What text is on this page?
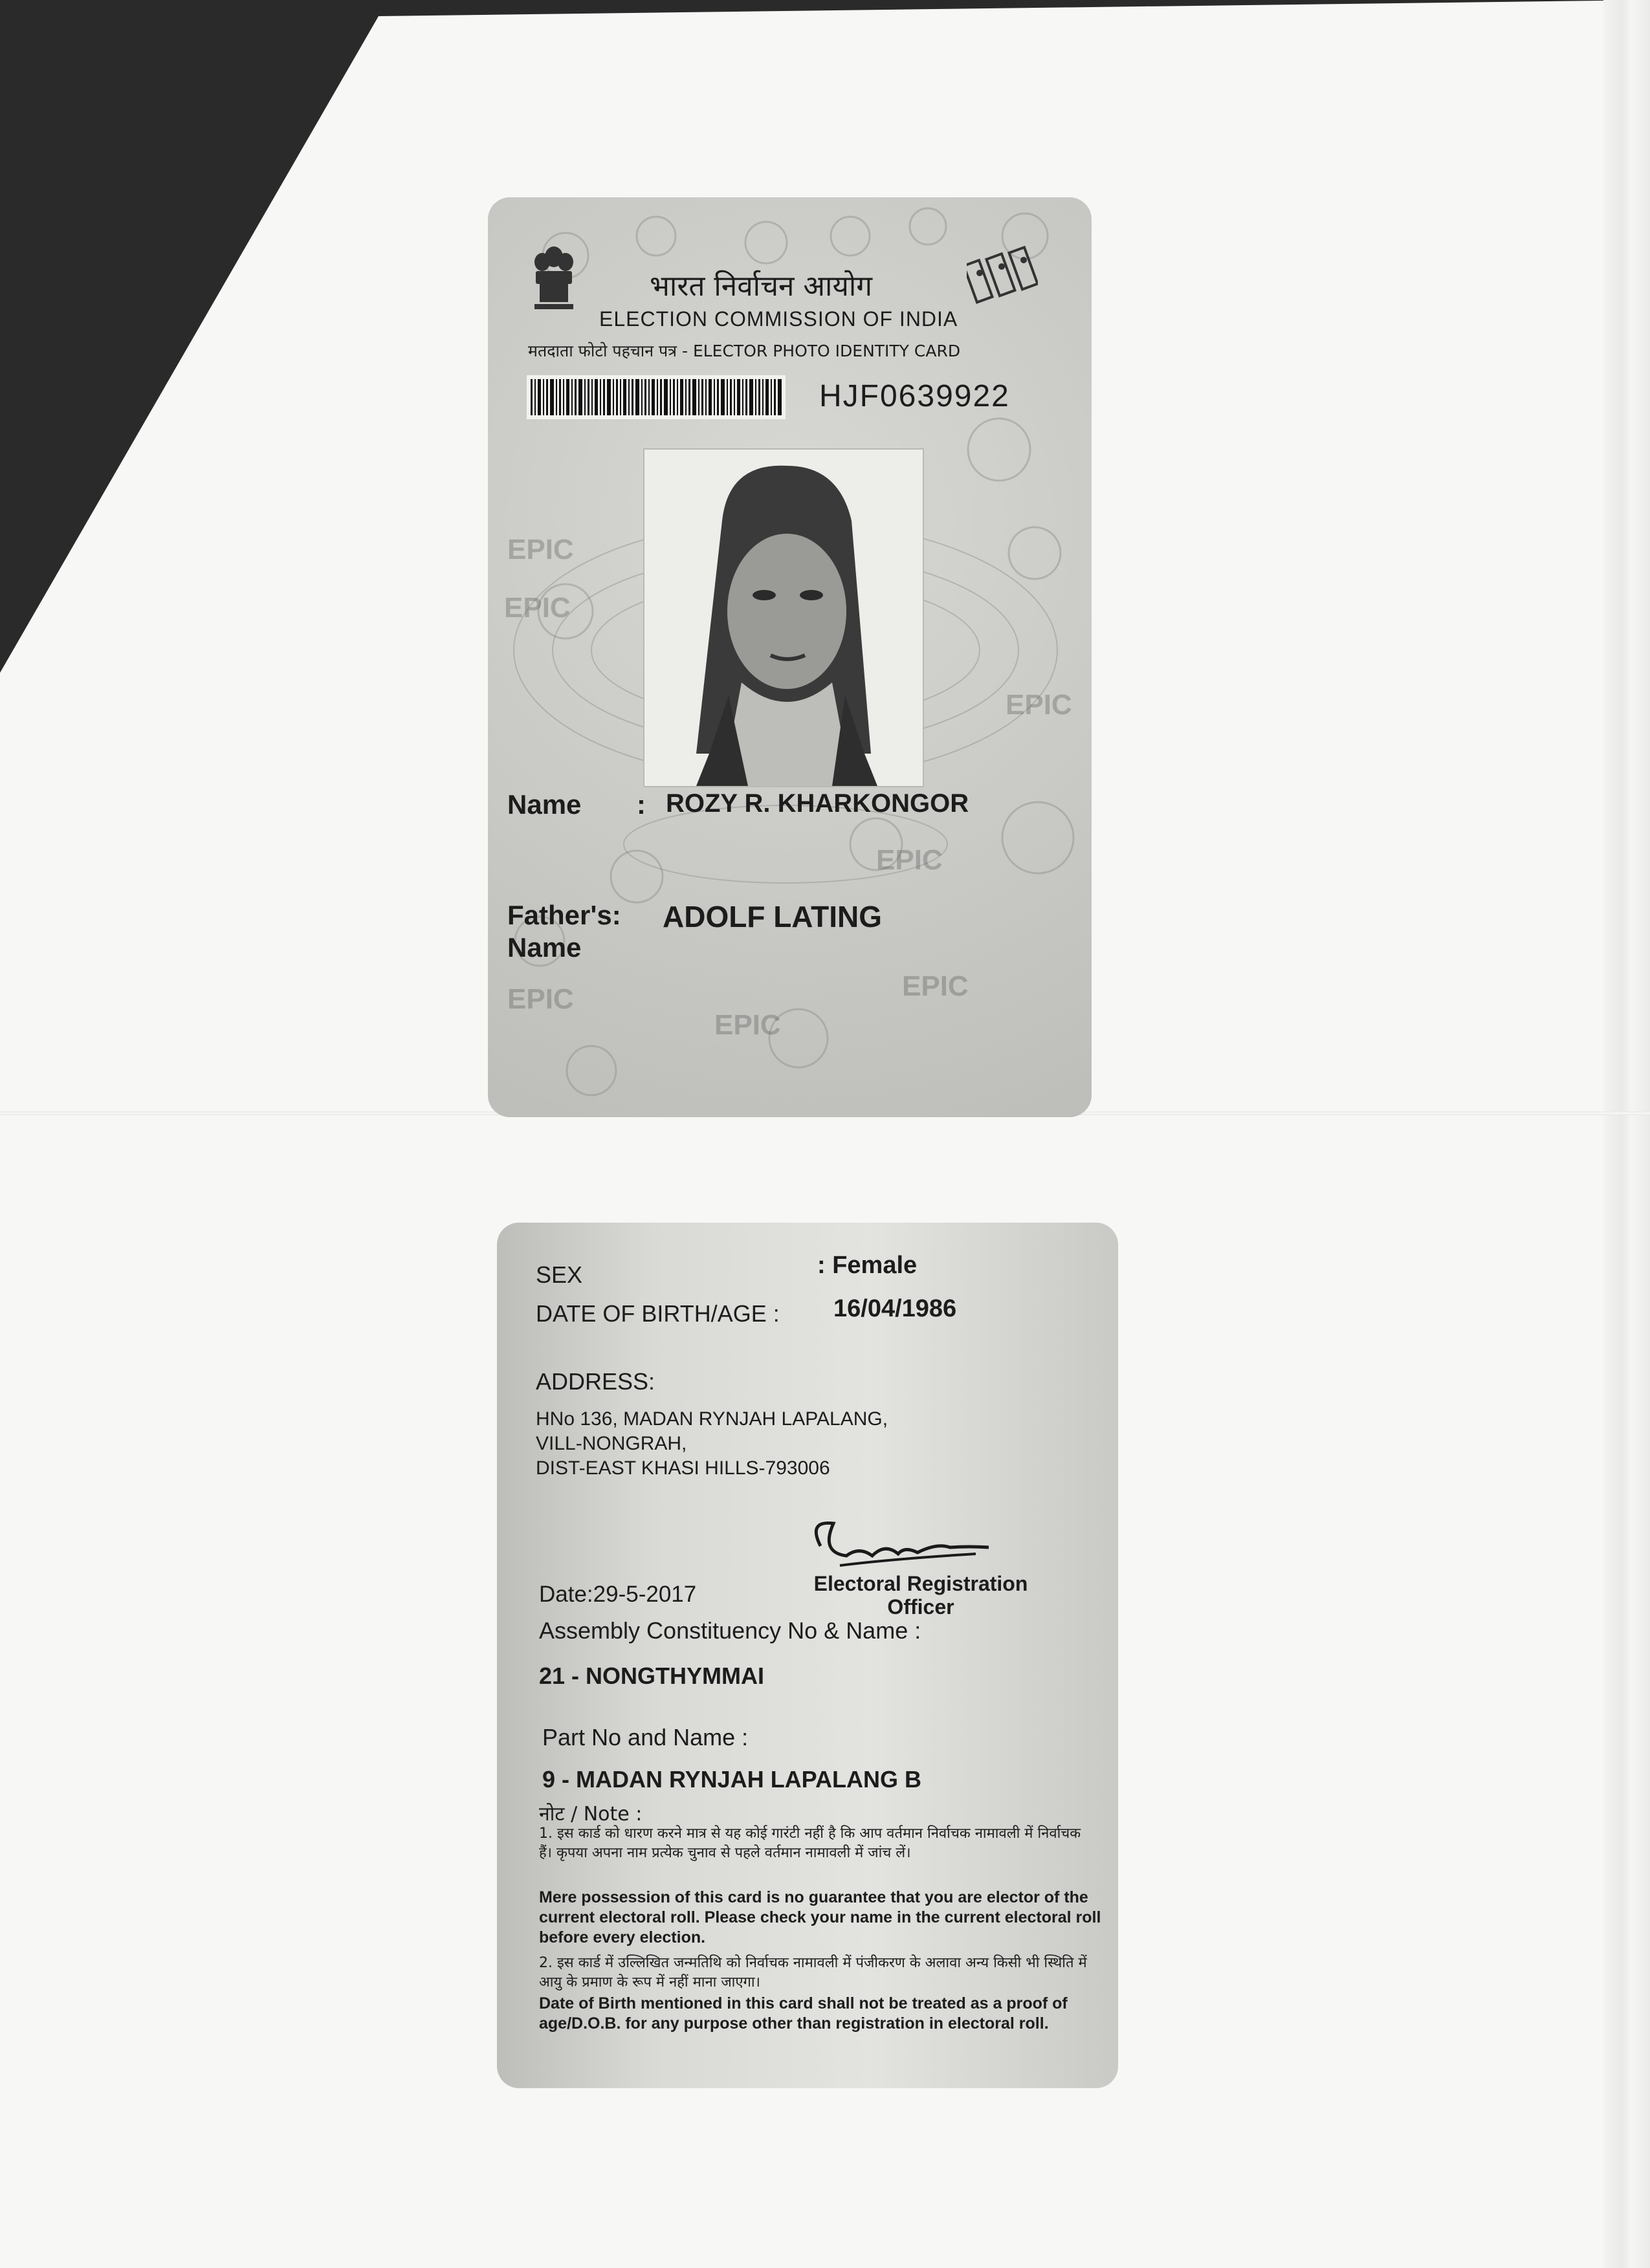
EPIC
EPIC
EPIC
EPIC
EPIC	EPIC
EPIC
भारत निर्वाचन आयोग
ELECTION COMMISSION OF INDIA
मतदाता फोटो पहचान पत्र - ELECTOR PHOTO IDENTITY CARD
HJF0639922
Name : ROZY R. KHARKONGOR
Father's:
Name
ADOLF LATING
SEX	: Female
DATE OF BIRTH/AGE : 16/04/1986
ADDRESS:
HNo 136, MADAN RYNJAH LAPALANG,
VILL-NONGRAH,
DIST-EAST KHASI HILLS-793006
Date:29-5-2017	Electoral Registration Officer
Assembly Constituency No & Name :
21 - NONGTHYMMAI
Part No and Name :
9 - MADAN RYNJAH LAPALANG B
नोट / Note :
1. इस कार्ड को धारण करने मात्र से यह कोई गारंटी नहीं है कि आप वर्तमान निर्वाचक नामावली में निर्वाचक हैं। कृपया अपना नाम प्रत्येक चुनाव से पहले वर्तमान नामावली में जांच लें।
Mere possession of this card is no guarantee that you are elector of the current electoral roll. Please check your name in the current electoral roll before every election.
2. इस कार्ड में उल्लिखित जन्मतिथि को निर्वाचक नामावली में पंजीकरण के अलावा अन्य किसी भी स्थिति में आयु के प्रमाण के रूप में नहीं माना जाएगा।
Date of Birth mentioned in this card shall not be treated as a proof of age/D.O.B. for any purpose other than registration in electoral roll.
